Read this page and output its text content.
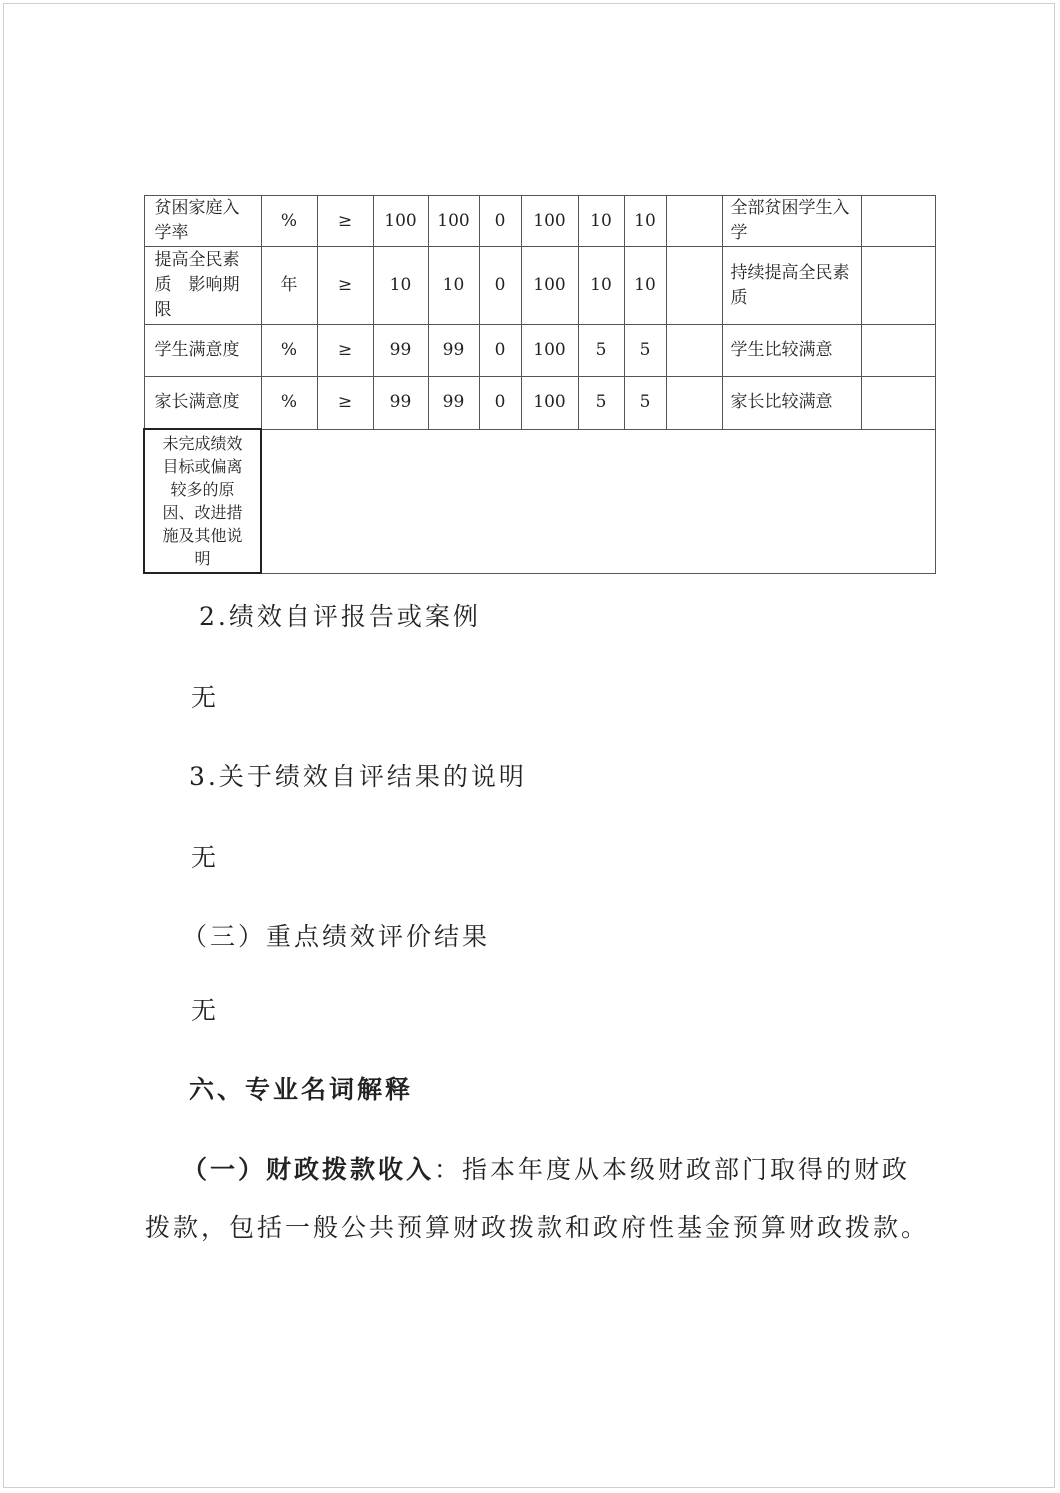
贫困家庭入学率	%	≥	100	100	0	100	10	10		全部贫困学生入学	
提高全民素质　影响期限	年	≥	10	10	0	100	10	10		持续提高全民素质	
学生满意度	%	≥	99	99	0	100	5	5		学生比较满意	
家长满意度	%	≥	99	99	0	100	5	5		家长比较满意	
未完成绩效目标或偏离较多的原因、改进措施及其他说明											
2.绩效自评报告或案例
无
3.关于绩效自评结果的说明
无
（三）重点绩效评价结果
无
六、专业名词解释
（一）财政拨款收入：指本年度从本级财政部门取得的财政
拨款，包括一般公共预算财政拨款和政府性基金预算财政拨款。
